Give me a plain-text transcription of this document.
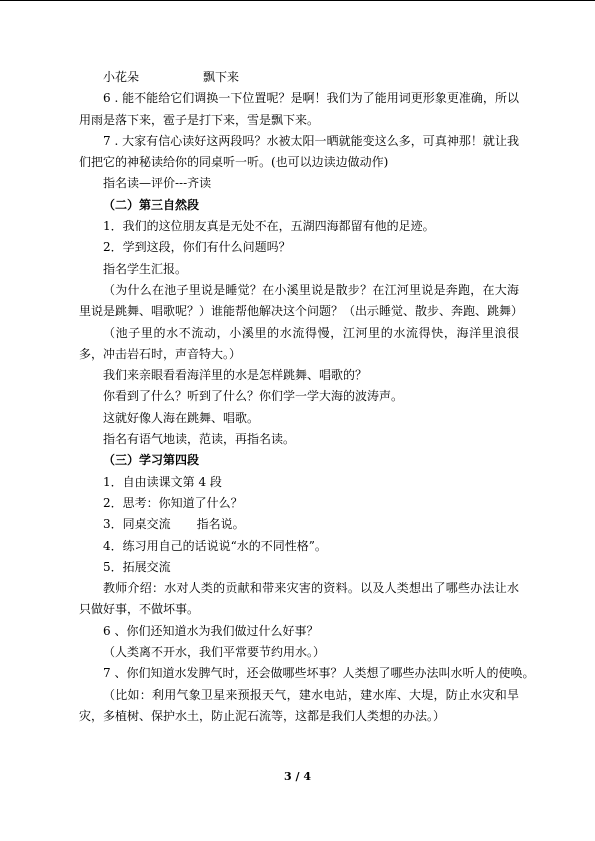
小花朵	飘下来

6 . 能不能给它们调换一下位置呢？是啊！我们为了能用词更形象更准确，所以用雨是落下来，雹子是打下来，雪是飘下来。

7 . 大家有信心读好这两段吗？水被太阳一晒就能变这么多，可真神那！就让我们把它的神秘读给你的同桌听一听。(也可以边读边做动作)

指名读—评价---齐读

（二）第三自然段

1．我们的这位朋友真是无处不在，五湖四海都留有他的足迹。

2．学到这段，你们有什么问题吗？

指名学生汇报。

（为什么在池子里说是睡觉？在小溪里说是散步？在江河里说是奔跑，在大海里说是跳舞、唱歌呢？）谁能帮他解决这个问题？（出示睡觉、散步、奔跑、跳舞）

（池子里的水不流动，小溪里的水流得慢，江河里的水流得快，海洋里浪很多，冲击岩石时，声音特大。）

我们来亲眼看看海洋里的水是怎样跳舞、唱歌的？

你看到了什么？听到了什么？你们学一学大海的波涛声。

这就好像人海在跳舞、唱歌。

指名有语气地读，范读，再指名读。

（三）学习第四段

1．自由读课文第 4 段

2．思考：你知道了什么？

3．同桌交流 指名说。

4．练习用自己的话说说“水的不同性格”。

5．拓展交流

教师介绍：水对人类的贡献和带来灾害的资料。以及人类想出了哪些办法让水只做好事，不做坏事。

6 、你们还知道水为我们做过什么好事？

（人类离不开水，我们平常要节约用水。）

7 、你们知道水发脾气时，还会做哪些坏事？人类想了哪些办法叫水听人的使唤。

（比如：利用气象卫星来预报天气，建水电站，建水库、大堤，防止水灾和旱灾，多植树、保护水土，防止泥石流等，这都是我们人类想的办法。）

3 / 4
